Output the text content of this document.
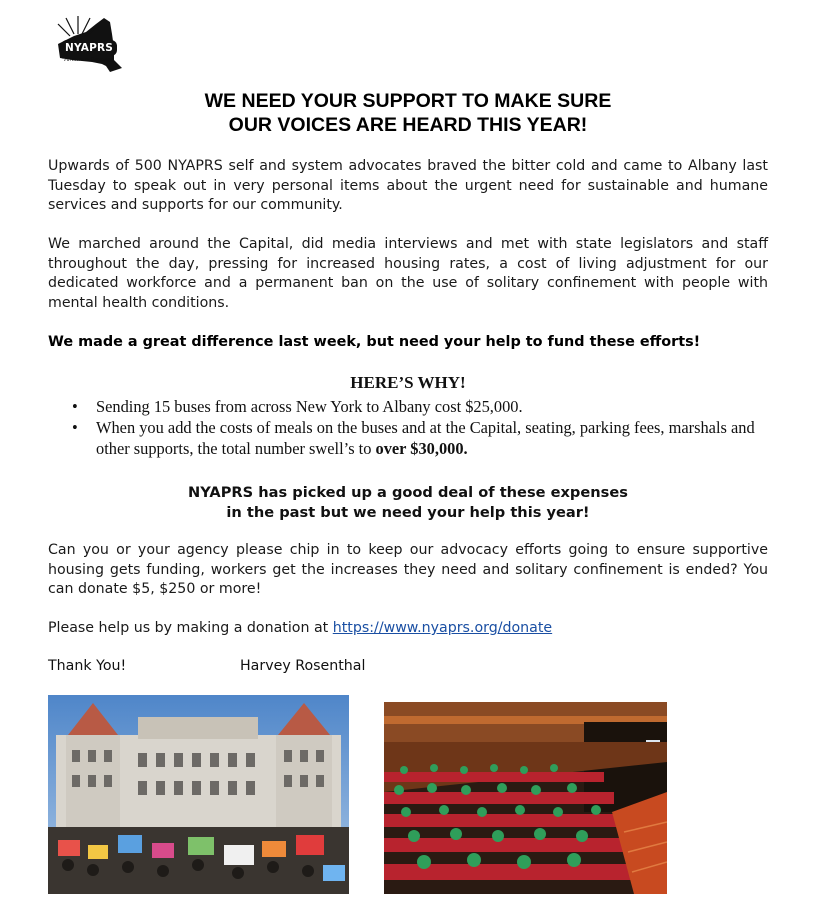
NYAPRS
"Partners in Recovery"
WE NEED YOUR SUPPORT TO MAKE SURE
OUR VOICES ARE HEARD THIS YEAR!

Upwards of 500 NYAPRS self and system advocates braved the bitter cold and came to Albany last Tuesday to speak out in very personal items about the urgent need for sustainable and humane services and supports for our community.

We marched around the Capital, did media interviews and met with state legislators and staff throughout the day, pressing for increased housing rates, a cost of living adjustment for our dedicated workforce and a permanent ban on the use of solitary confinement with people with mental health conditions.

We made a great difference last week, but need your help to fund these efforts!

HERE’S WHY!
• Sending 15 buses from across New York to Albany cost $25,000.
• When you add the costs of meals on the buses and at the Capital, seating, parking fees, marshals and other supports, the total number swell’s to over $30,000.
NYAPRS has picked up a good deal of these expenses
in the past but we need your help this year!

Can you or your agency please chip in to keep our advocacy efforts going to ensure supportive housing gets funding, workers get the increases they need and solitary confinement is ended? You can donate $5, $250 or more!

Please help us by making a donation at https://www.nyaprs.org/donate

Thank You!	Harvey Rosenthal
